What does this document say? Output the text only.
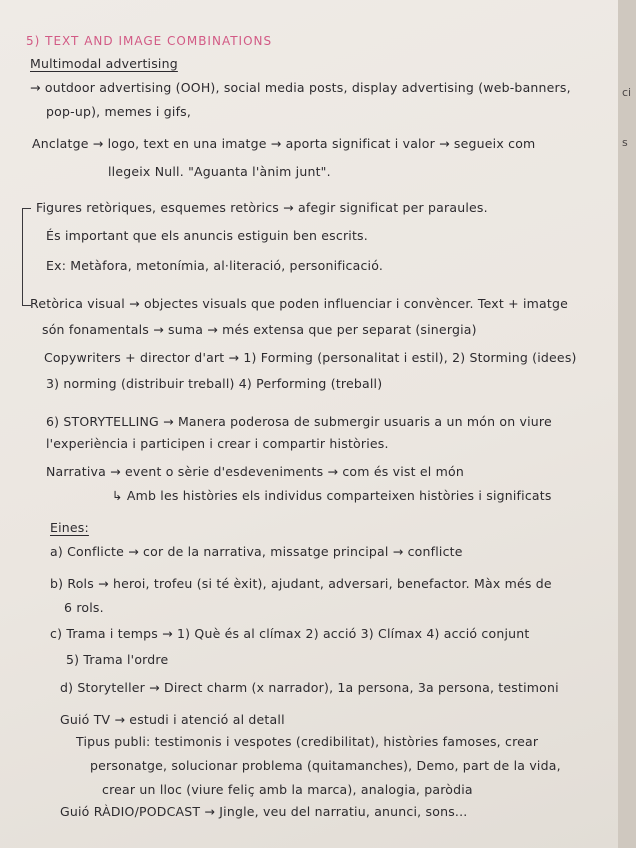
5) TEXT AND IMAGE COMBINATIONS
Multimodal advertising
→ outdoor advertising (OOH), social media posts, display advertising (web-banners,
pop-up), memes i gifs,
Anclatge → logo, text en una imatge → aporta significat i valor → segueix com
llegeix Null. "Aguanta l'ànim junt".
Figures retòriques, esquemes retòrics → afegir significat per paraules.
És important que els anuncis estiguin ben escrits.
Ex: Metàfora, metonímia, al·literació, personificació.
Retòrica visual → objectes visuals que poden influenciar i convèncer. Text + imatge
són fonamentals → suma → més extensa que per separat (sinergia)
Copywriters + director d'art → 1) Forming (personalitat i estil), 2) Storming (idees)
3) norming (distribuir treball) 4) Performing (treball)
6) STORYTELLING → Manera poderosa de submergir usuaris a un món on viure
l'experiència i participen i crear i compartir històries.
Narrativa → event o sèrie d'esdeveniments → com és vist el món
↳ Amb les històries els individus comparteixen històries i significats
Eines:
a) Conflicte → cor de la narrativa, missatge principal → conflicte
b) Rols → heroi, trofeu (si té èxit), ajudant, adversari, benefactor. Màx més de
6 rols.
c) Trama i temps → 1) Què és al clímax 2) acció 3) Clímax 4) acció conjunt
5) Trama l'ordre
d) Storyteller → Direct charm (x narrador), 1a persona, 3a persona, testimoni
Guió TV → estudi i atenció al detall
Tipus publi: testimonis i vespotes (credibilitat), històries famoses, crear
personatge, solucionar problema (quitamanches), Demo, part de la vida,
crear un lloc (viure feliç amb la marca), analogia, paròdia
Guió RÀDIO/PODCAST → Jingle, veu del narratiu, anunci, sons...
ci
s
